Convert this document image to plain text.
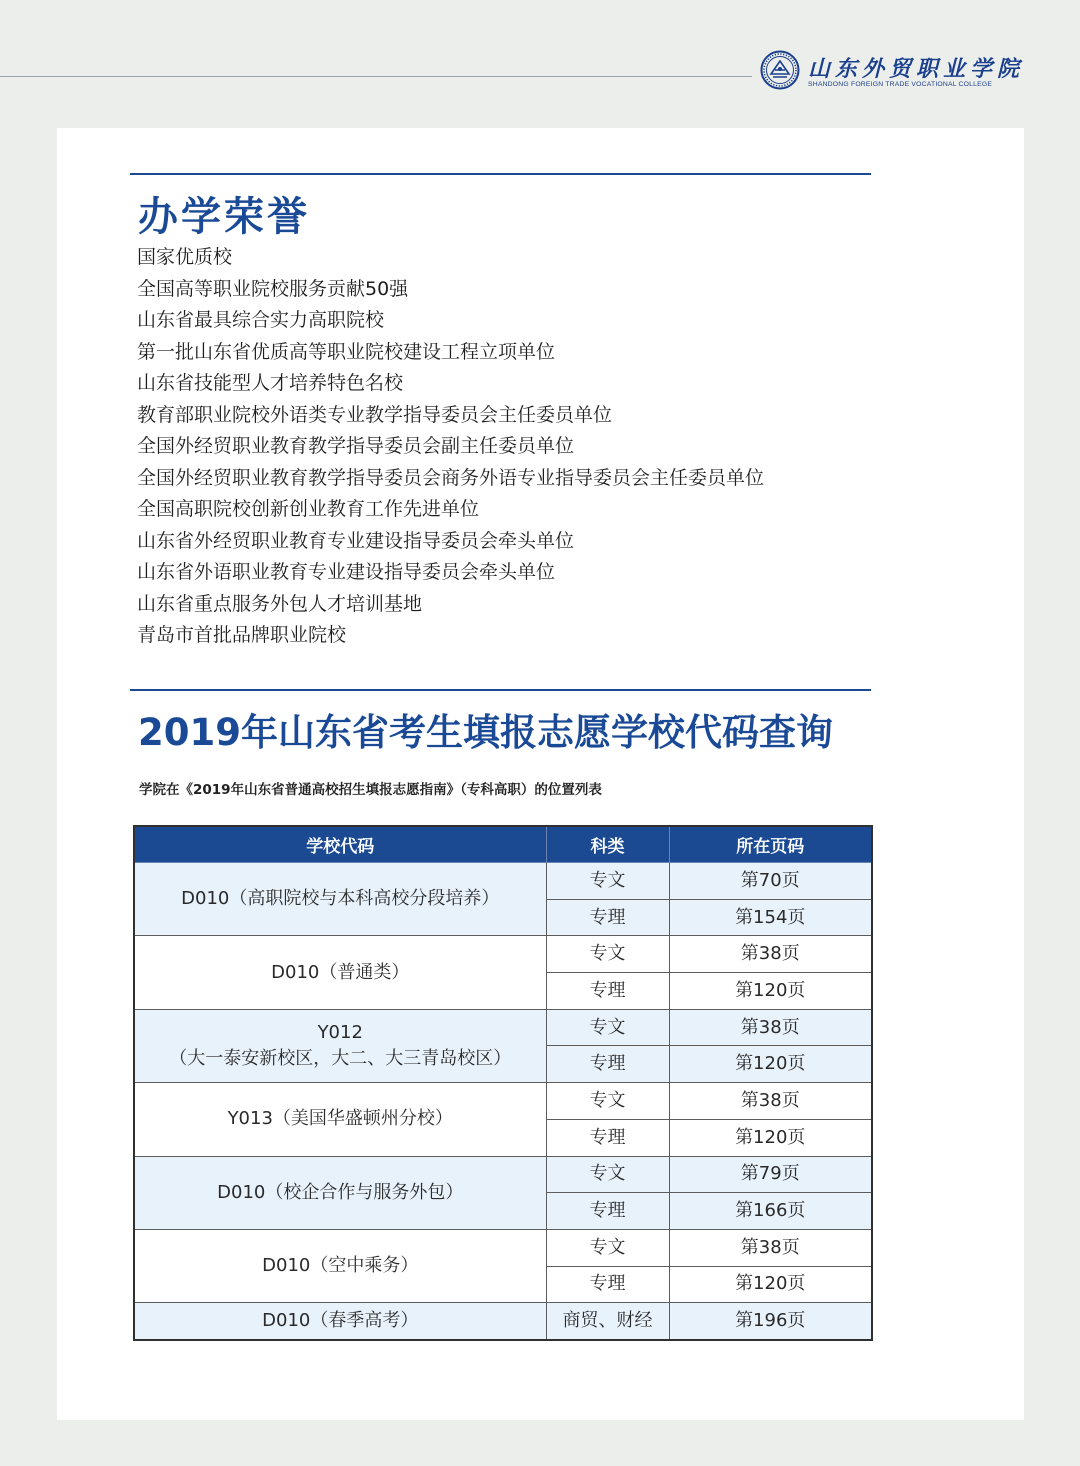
山东外贸职业学院
SHANDONG FOREIGN TRADE VOCATIONAL COLLEGE
办学荣誉
国家优质校
全国高等职业院校服务贡献50强
山东省最具综合实力高职院校
第一批山东省优质高等职业院校建设工程立项单位
山东省技能型人才培养特色名校
教育部职业院校外语类专业教学指导委员会主任委员单位
全国外经贸职业教育教学指导委员会副主任委员单位
全国外经贸职业教育教学指导委员会商务外语专业指导委员会主任委员单位
全国高职院校创新创业教育工作先进单位
山东省外经贸职业教育专业建设指导委员会牵头单位
山东省外语职业教育专业建设指导委员会牵头单位
山东省重点服务外包人才培训基地
青岛市首批品牌职业院校
2019年山东省考生填报志愿学校代码查询
学院在《2019年山东省普通高校招生填报志愿指南》（专科高职）的位置列表
学校代码	科类	所在页码

D010（高职院校与本科高校分段培养）	专文	第70页
	专理	第154页

D010（普通类）	专文	第38页
	专理	第120页

Y012
（大一泰安新校区，大二、大三青岛校区）	专文	第38页
	专理	第120页

Y013（美国华盛顿州分校）	专文	第38页
	专理	第120页

D010（校企合作与服务外包）	专文	第79页
	专理	第166页

D010（空中乘务）	专文	第38页
	专理	第120页

D010（春季高考）	商贸、财经	第196页
